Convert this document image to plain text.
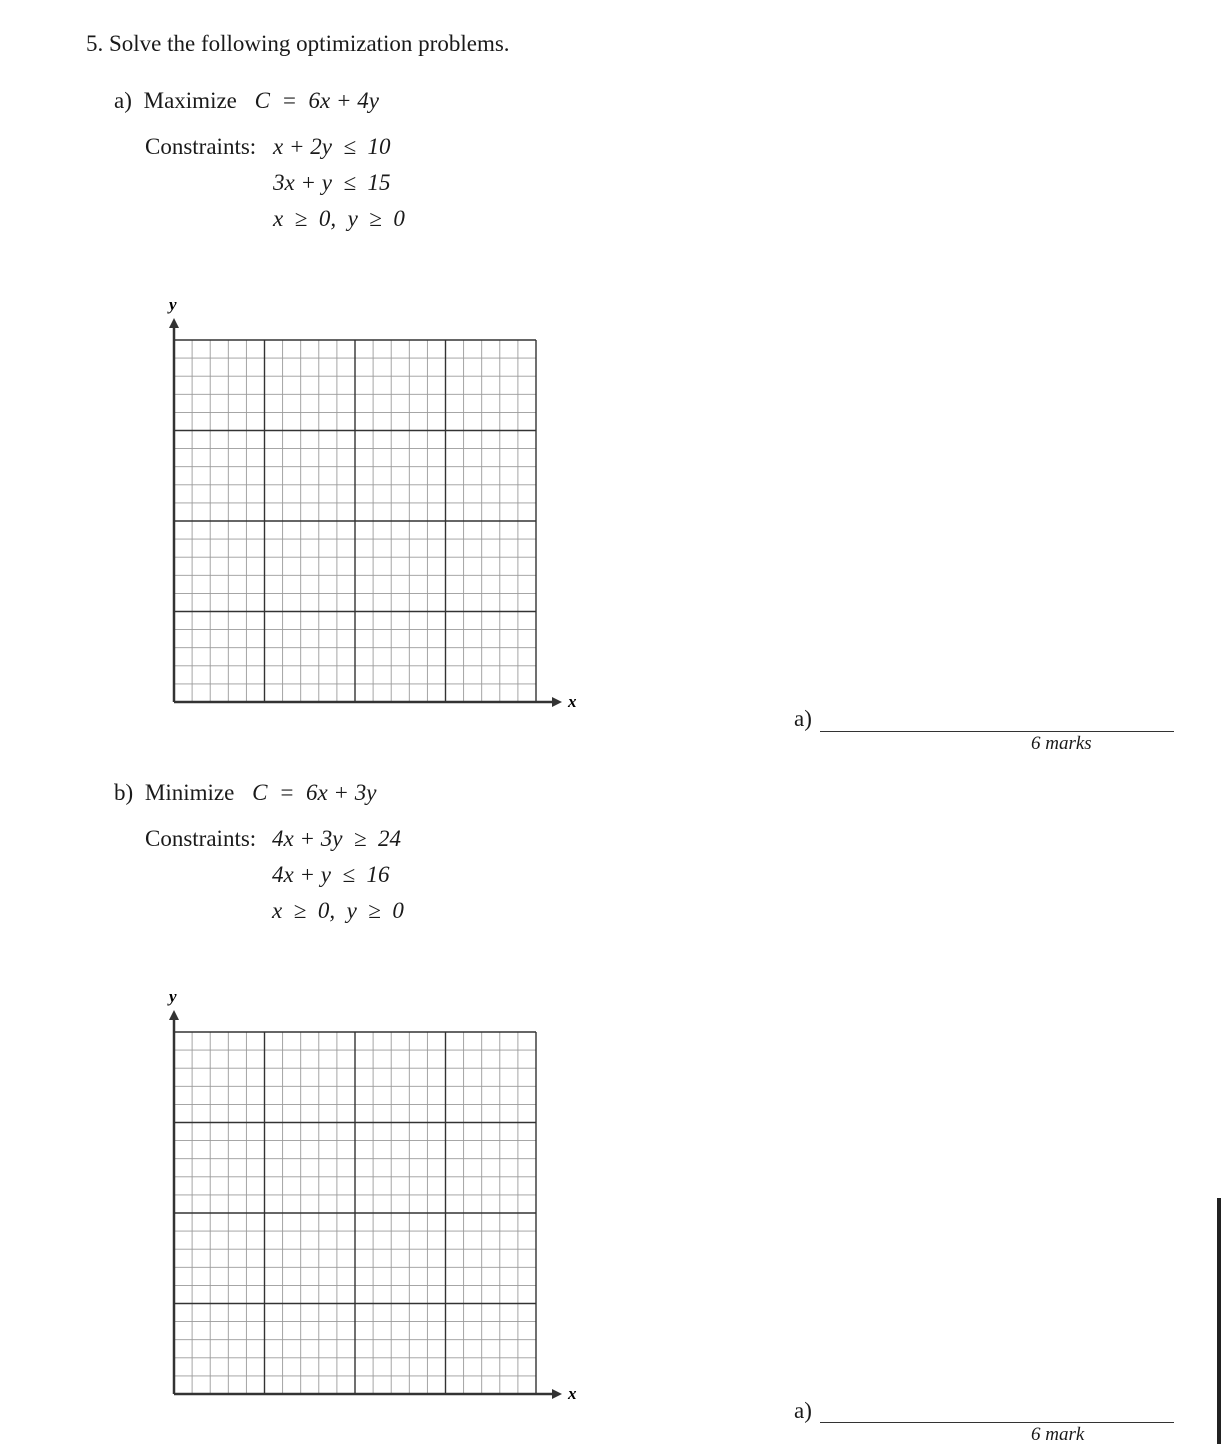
5. Solve the following optimization problems.
a) Maximize C  =  6x + 4y
Constraints: x + 2y  ≤  10
3x + y  ≤  15
x  ≥  0,  y  ≥  0
y
x
a)
6 marks
b) Minimize C  =  6x + 3y
Constraints: 4x + 3y  ≥  24
4x + y  ≤  16
x  ≥  0,  y  ≥  0
y
x
a)
6 mark
